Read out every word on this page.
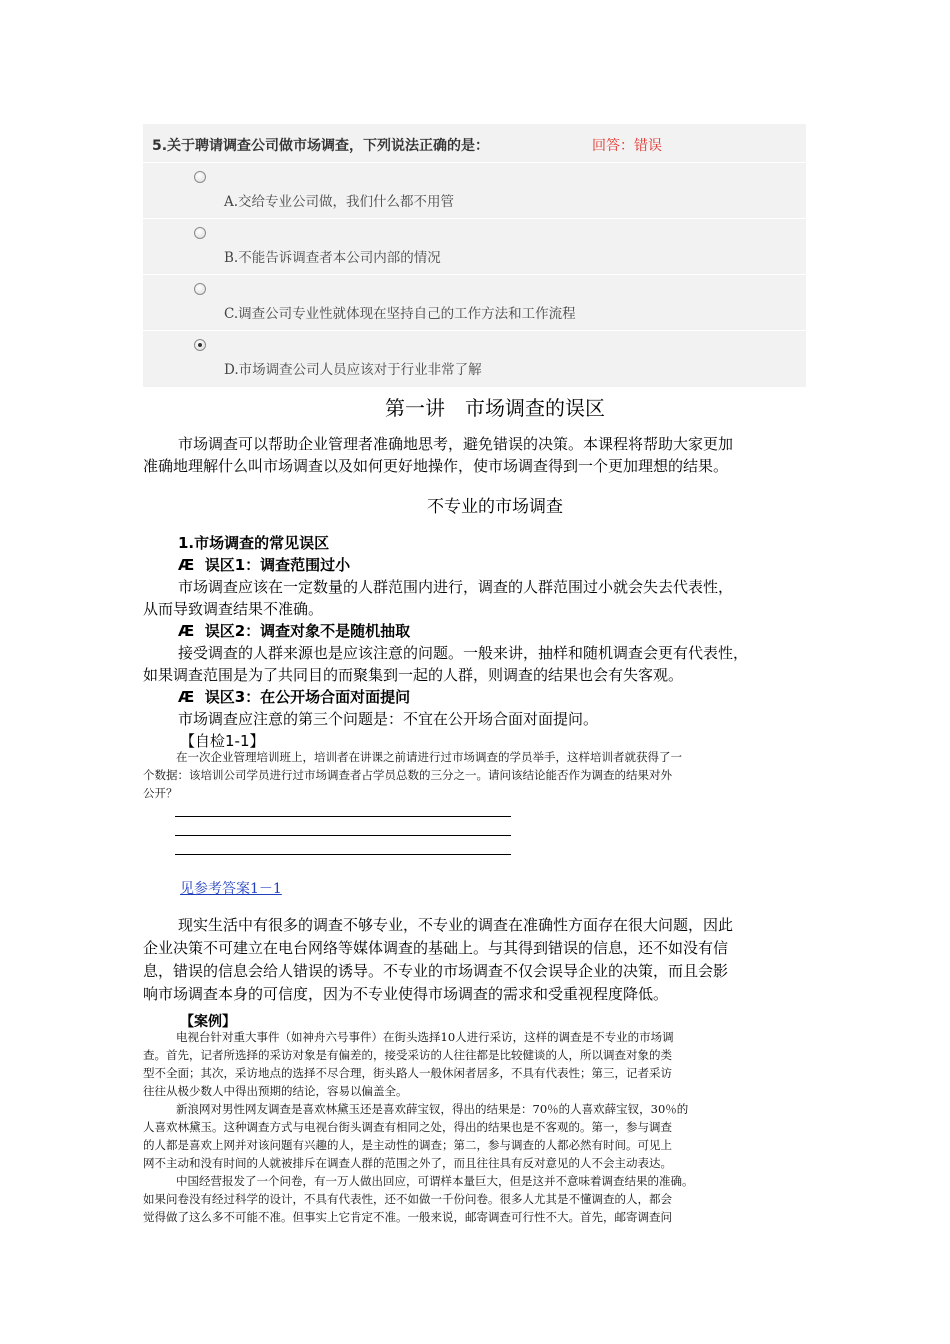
5.关于聘请调查公司做市场调查，下列说法正确的是：	回答：错误
A.交给专业公司做，我们什么都不用管
B.不能告诉调查者本公司内部的情况
C.调查公司专业性就体现在坚持自己的工作方法和工作流程
D.市场调查公司人员应该对于行业非常了解
第一讲　市场调查的误区
市场调查可以帮助企业管理者准确地思考，避免错误的决策。本课程将帮助大家更加
准确地理解什么叫市场调查以及如何更好地操作，使市场调查得到一个更加理想的结果。
不专业的市场调查
1.市场调查的常见误区
Æ 误区1：调查范围过小
市场调查应该在一定数量的人群范围内进行，调查的人群范围过小就会失去代表性，
从而导致调查结果不准确。
Æ 误区2：调查对象不是随机抽取
接受调查的人群来源也是应该注意的问题。一般来讲，抽样和随机调查会更有代表性，
如果调查范围是为了共同目的而聚集到一起的人群，则调查的结果也会有失客观。
Æ 误区3：在公开场合面对面提问
市场调查应注意的第三个问题是：不宜在公开场合面对面提问。
【自检1-1】
在一次企业管理培训班上，培训者在讲课之前请进行过市场调查的学员举手，这样培训者就获得了一
个数据：该培训公司学员进行过市场调查者占学员总数的三分之一。请问该结论能否作为调查的结果对外
公开？
见参考答案1－1
现实生活中有很多的调查不够专业，不专业的调查在准确性方面存在很大问题，因此
企业决策不可建立在电台网络等媒体调查的基础上。与其得到错误的信息，还不如没有信
息，错误的信息会给人错误的诱导。不专业的市场调查不仅会误导企业的决策，而且会影
响市场调查本身的可信度，因为不专业使得市场调查的需求和受重视程度降低。
【案例】
电视台针对重大事件（如神舟六号事件）在街头选择10人进行采访，这样的调查是不专业的市场调
查。首先，记者所选择的采访对象是有偏差的，接受采访的人往往都是比较健谈的人，所以调查对象的类
型不全面；其次，采访地点的选择不尽合理，街头路人一般休闲者居多，不具有代表性；第三，记者采访
往往从极少数人中得出预期的结论，容易以偏盖全。
新浪网对男性网友调查是喜欢林黛玉还是喜欢薛宝钗，得出的结果是：70％的人喜欢薛宝钗，30％的
人喜欢林黛玉。这种调查方式与电视台街头调查有相同之处，得出的结果也是不客观的。第一，参与调查
的人都是喜欢上网并对该问题有兴趣的人，是主动性的调查；第二，参与调查的人都必然有时间。可见上
网不主动和没有时间的人就被排斥在调查人群的范围之外了，而且往往具有反对意见的人不会主动表达。
中国经营报发了一个问卷，有一万人做出回应，可谓样本量巨大，但是这并不意味着调查结果的准确。
如果问卷没有经过科学的设计，不具有代表性，还不如做一千份问卷。很多人尤其是不懂调查的人，都会
觉得做了这么多不可能不准。但事实上它肯定不准。一般来说，邮寄调查可行性不大。首先，邮寄调查问
